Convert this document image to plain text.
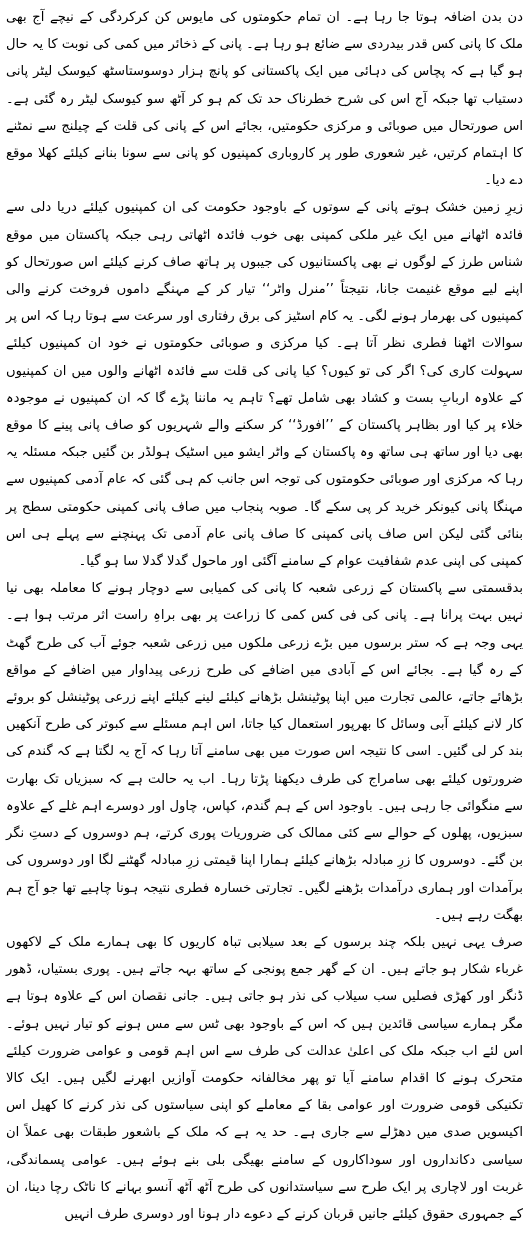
دن بدن اضافہ ہوتا جا رہا ہے۔ ان تمام حکومتوں کی مایوس کن کرکردگی کے نیچے آج بھی ملک کا پانی کس قدر بیدردی سے ضائع ہو رہا ہے۔ پانی کے ذخائر میں کمی کی نوبت کا یہ حال ہو گیا ہے کہ پچاس کی دہائی میں ایک پاکستانی کو پانچ ہزار دوسوستاسٹھ کیوسک لیٹر پانی دستیاب تھا جبکہ آج اس کی شرح خطرناک حد تک کم ہو کر آٹھ سو کیوسک لیٹر رہ گئی ہے۔ اس صورتحال میں صوبائی و مرکزی حکومتیں، بجائے اس کے پانی کی قلت کے چیلنج سے نمٹنے کا اہتمام کرتیں، غیر شعوری طور پر کاروباری کمپنیوں کو پانی سے سونا بنانے کیلئے کھلا موقع دے دیا۔

زیرِ زمین خشک ہوتے پانی کے سوتوں کے باوجود حکومت کی ان کمپنیوں کیلئے دریا دلی سے فائدہ اٹھانے میں ایک غیر ملکی کمپنی بھی خوب فائدہ اٹھاتی رہی جبکہ پاکستان میں موقع شناس طرز کے لوگوں نے بھی پاکستانیوں کی جیبوں پر ہاتھ صاف کرنے کیلئے اس صورتحال کو اپنے لیے موقع غنیمت جانا، نتیجتاً ’’منرل واٹر‘‘ تیار کر کے مہنگے داموں فروخت کرنے والی کمپنیوں کی بھرمار ہونے لگی۔ یہ کام اسٹیز کی برق رفتاری اور سرعت سے ہوتا رہا کہ اس پر سوالات اٹھنا فطری نظر آتا ہے۔ کیا مرکزی و صوبائی حکومتوں نے خود ان کمپنیوں کیلئے سہولت کاری کی؟ اگر کی تو کیوں؟ کیا پانی کی قلت سے فائدہ اٹھانے والوں میں ان کمپنیوں کے علاوہ اربابِ بست و کشاد بھی شامل تھے؟ تاہم یہ ماننا پڑے گا کہ ان کمپنیوں نے موجودہ خلاء پر کیا اور بظاہر پاکستان کے ’’افورڈ‘‘ کر سکنے والے شہریوں کو صاف پانی پینے کا موقع بھی دیا اور ساتھ ہی ساتھ وہ پاکستان کے واٹر ایشو میں اسٹیک ہولڈر بن گئیں جبکہ مسئلہ یہ رہا کہ مرکزی اور صوبائی حکومتوں کی توجہ اس جانب کم ہی گئی کہ عام آدمی کمپنیوں سے مہنگا پانی کیونکر خرید کر پی سکے گا۔ صوبہ پنجاب میں صاف پانی کمپنی حکومتی سطح پر بنائی گئی لیکن اس صاف پانی کمپنی کا صاف پانی عام آدمی تک پہنچنے سے پہلے ہی اس کمپنی کی اپنی عدم شفافیت عوام کے سامنے آگئی اور ماحول گدلا گدلا سا ہو گیا۔

بدقسمتی سے پاکستان کے زرعی شعبہ کا پانی کی کمیابی سے دوچار ہونے کا معاملہ بھی نیا نہیں بہت پرانا ہے۔ پانی کی فی کس کمی کا زراعت پر بھی براہِ راست اثر مرتب ہوا ہے۔ یہی وجہ ہے کہ ستر برسوں میں بڑے زرعی ملکوں میں زرعی شعبہ جوئے آب کی طرح گھٹ کے رہ گیا ہے۔ بجائے اس کے آبادی میں اضافے کی طرح زرعی پیداوار میں اضافے کے مواقع بڑھائے جاتے، عالمی تجارت میں اپنا پوٹینشل بڑھانے کیلئے لینے کیلئے اپنے زرعی پوٹینشل کو بروئے کار لانے کیلئے آبی وسائل کا بھرپور استعمال کیا جاتا، اس اہم مسئلے سے کبوتر کی طرح آنکھیں بند کر لی گئیں۔ اسی کا نتیجہ اس صورت میں بھی سامنے آتا رہا کہ آج یہ لگتا ہے کہ گندم کی ضرورتوں کیلئے بھی سامراج کی طرف دیکھنا پڑتا رہا۔ اب یہ حالت ہے کہ سبزیاں تک بھارت سے منگوائی جا رہی ہیں۔ باوجود اس کے ہم گندم، کپاس، چاول اور دوسرے اہم غلے کے علاوہ سبزیوں، پھلوں کے حوالے سے کئی ممالک کی ضروریات پوری کرتے، ہم دوسروں کے دستِ نگر بن گئے۔ دوسروں کا زرِ مبادلہ بڑھانے کیلئے ہمارا اپنا قیمتی زرِ مبادلہ گھٹنے لگا اور دوسروں کی برآمدات اور ہماری درآمدات بڑھنے لگیں۔ تجارتی خسارہ فطری نتیجہ ہونا چاہیے تھا جو آج ہم بھگت رہے ہیں۔

صرف یہی نہیں بلکہ چند برسوں کے بعد سیلابی تباہ کاریوں کا بھی ہمارے ملک کے لاکھوں غرباء شکار ہو جاتے ہیں۔ ان کے گھر جمع پونجی کے ساتھ بہہ جاتے ہیں۔ پوری بستیاں، ڈھور ڈنگر اور کھڑی فصلیں سب سیلاب کی نذر ہو جاتی ہیں۔ جانی نقصان اس کے علاوہ ہوتا ہے مگر ہمارے سیاسی قائدین ہیں کہ اس کے باوجود بھی ٹس سے مس ہونے کو تیار نہیں ہوئے۔ اس لئے اب جبکہ ملک کی اعلیٰ عدالت کی طرف سے اس اہم قومی و عوامی ضرورت کیلئے متحرک ہونے کا اقدام سامنے آیا تو پھر مخالفانہ حکومت آوازیں ابھرنے لگیں ہیں۔ ایک کالا تکنیکی قومی ضرورت اور عوامی بقا کے معاملے کو اپنی سیاستوں کی نذر کرنے کا کھیل اس اکیسویں صدی میں دھڑلے سے جاری ہے۔ حد یہ ہے کہ ملک کے باشعور طبقات بھی عملاً ان سیاسی دکانداروں اور سوداکاروں کے سامنے بھیگی بلی بنے ہوئے ہیں۔ عوامی پسماندگی، غربت اور لاچاری پر ایک طرح سے سیاستدانوں کی طرح آٹھ آٹھ آنسو بہانے کا ناٹک رچا دینا، ان کے جمہوری حقوق کیلئے جانیں قربان کرنے کے دعوے دار ہونا اور دوسری طرف انہیں
